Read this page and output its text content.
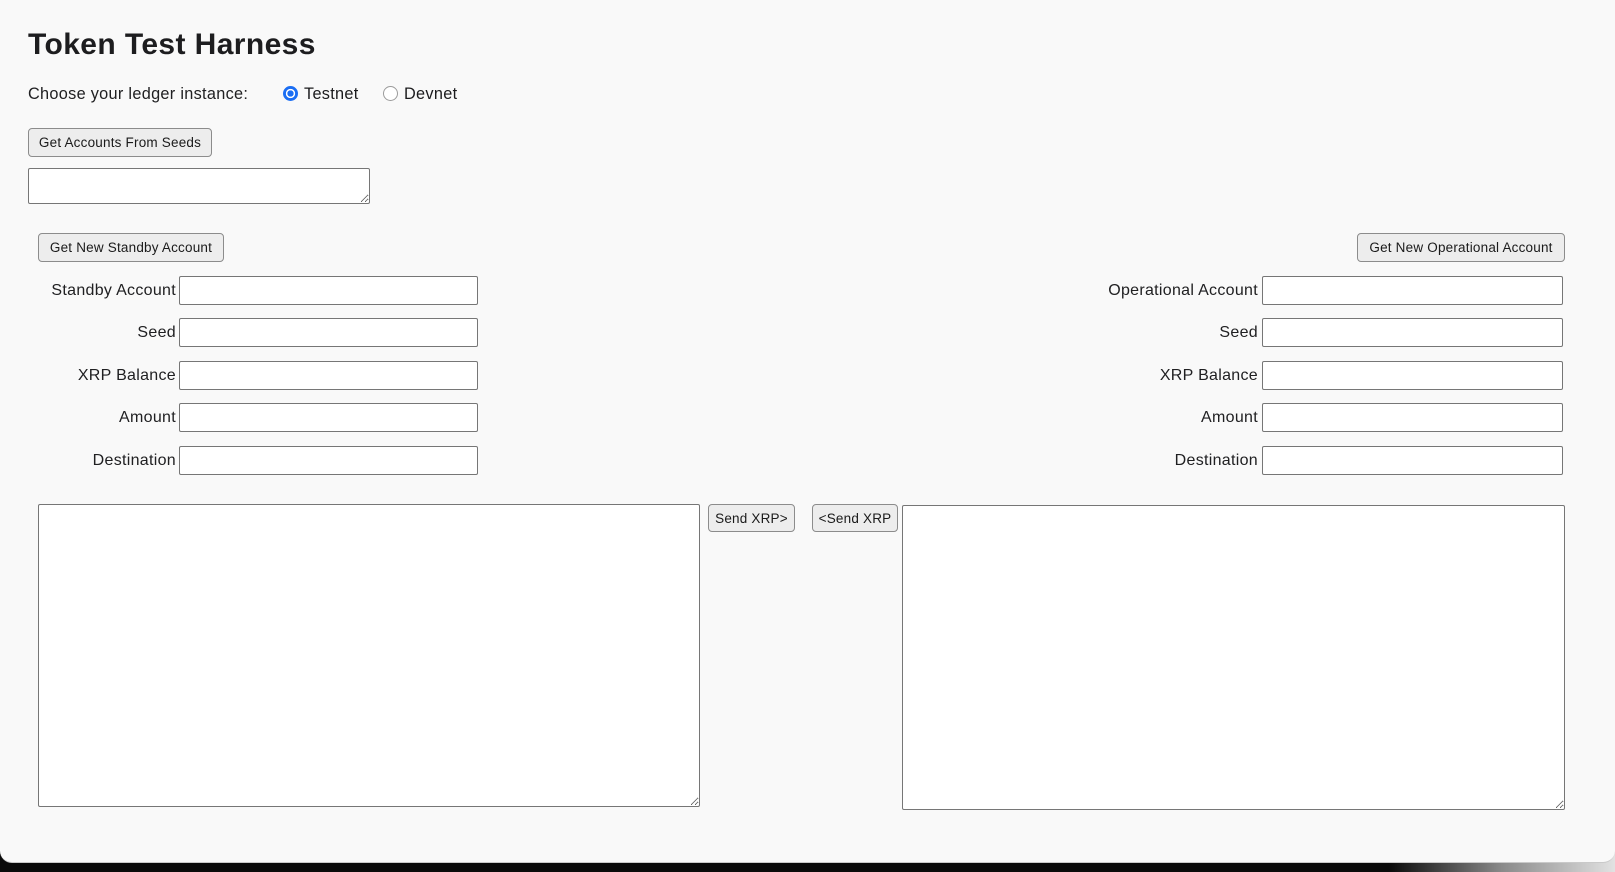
Token Test Harness
Choose your ledger instance:	Testnet	Devnet
Get Accounts From Seeds
Get New Standby Account	Get New Operational Account
Standby Account
Seed
XRP Balance
Amount
Destination
Operational Account
Seed
XRP Balance
Amount
Destination
Send XRP>	<Send XRP
